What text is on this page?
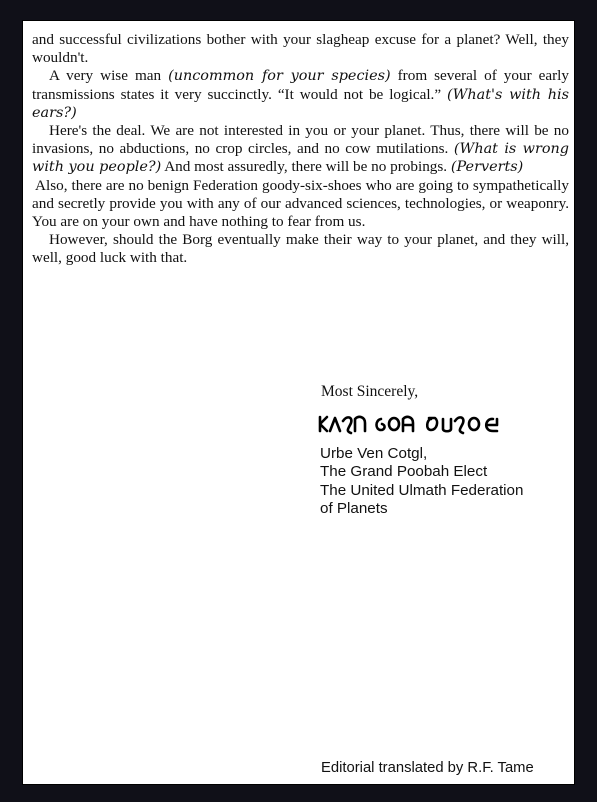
and successful civilizations bother with your slagheap excuse for a planet? Well, they wouldn't.

A very wise man (uncommon for your species) from several of your early transmissions states it very succinctly. “It would not be logical.” (What's with his ears?)

Here's the deal. We are not interested in you or your planet. Thus, there will be no invasions, no abductions, no crop circles, and no cow mutilations. (What is wrong with you people?) And most assuredly, there will be no probings. (Perverts)

Also, there are no benign Federation goody-six-shoes who are going to sympathetically and secretly provide you with any of our advanced sciences, technologies, or weaponry. You are on your own and have nothing to fear from us.

However, should the Borg eventually make their way to your planet, and they will, well, good luck with that.

Most Sincerely,
Urbe Ven Cotgl,
The Grand Poobah Elect
The United Ulmath Federation
of Planets
Editorial translated by R.F. Tame
